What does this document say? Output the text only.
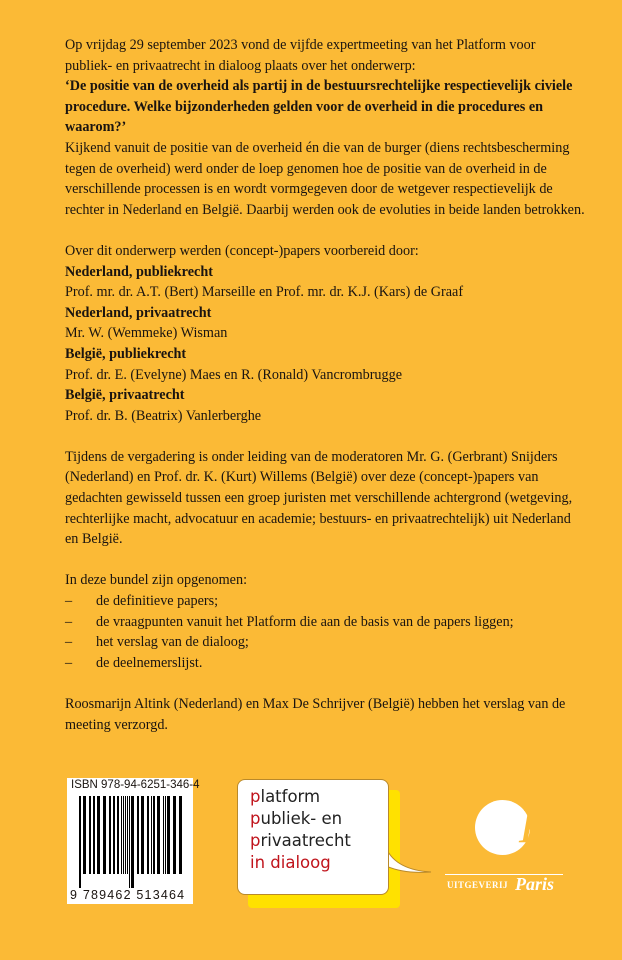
Op vrijdag 29 september 2023 vond de vijfde expertmeeting van het Platform voor publiek- en privaatrecht in dialoog plaats over het onderwerp:

‘De positie van de overheid als partij in de bestuursrechtelijke respectievelijk civiele procedure. Welke bijzonderheden gelden voor de overheid in die procedures en waarom?’

Kijkend vanuit de positie van de overheid én die van de burger (diens rechtsbescherming tegen de overheid) werd onder de loep genomen hoe de positie van de overheid in de verschillende processen is en wordt vormgegeven door de wetgever respectievelijk de rechter in Nederland en België. Daarbij werden ook de evoluties in beide landen betrokken.

Over dit onderwerp werden (concept-)papers voorbereid door:

Nederland, publiekrecht

Prof. mr. dr. A.T. (Bert) Marseille en Prof. mr. dr. K.J. (Kars) de Graaf

Nederland, privaatrecht

Mr. W. (Wemmeke) Wisman

België, publiekrecht

Prof. dr. E. (Evelyne) Maes en R. (Ronald) Vancrombrugge

België, privaatrecht

Prof. dr. B. (Beatrix) Vanlerberghe

Tijdens de vergadering is onder leiding van de moderatoren Mr. G. (Gerbrant) Snijders (Nederland) en Prof. dr. K. (Kurt) Willems (België) over deze (concept-)papers van gedachten gewisseld tussen een groep juristen met verschillende achtergrond (wetgeving, rechterlijke macht, advocatuur en academie; bestuurs- en privaatrechtelijk) uit Nederland en België.

In deze bundel zijn opgenomen:

–	de definitieve papers;
–	de vraagpunten vanuit het Platform die aan de basis van de papers liggen;
–	het verslag van de dialoog;
–	de deelnemerslijst.

Roosmarijn Altink (Nederland) en Max De Schrijver (België) hebben het verslag van de meeting verzorgd.

ISBN 978-94-6251-346-4
9 789462 513464
platform
publiek- en
privaatrecht
in dialoog
P
UITGEVERIJ Paris
